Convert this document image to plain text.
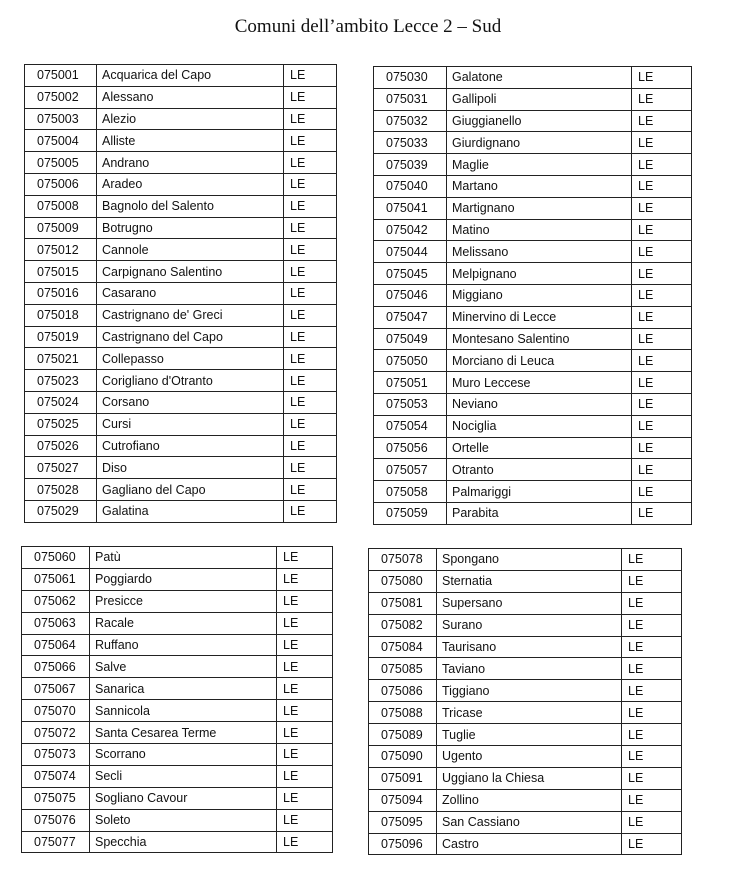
Comuni dell’ambito Lecce 2 – Sud
075001	Acquarica del Capo	LE
075002	Alessano	LE
075003	Alezio	LE
075004	Alliste	LE
075005	Andrano	LE
075006	Aradeo	LE
075008	Bagnolo del Salento	LE
075009	Botrugno	LE
075012	Cannole	LE
075015	Carpignano Salentino	LE
075016	Casarano	LE
075018	Castrignano de' Greci	LE
075019	Castrignano del Capo	LE
075021	Collepasso	LE
075023	Corigliano d'Otranto	LE
075024	Corsano	LE
075025	Cursi	LE
075026	Cutrofiano	LE
075027	Diso	LE
075028	Gagliano del Capo	LE
075029	Galatina	LE
075030	Galatone	LE
075031	Gallipoli	LE
075032	Giuggianello	LE
075033	Giurdignano	LE
075039	Maglie	LE
075040	Martano	LE
075041	Martignano	LE
075042	Matino	LE
075044	Melissano	LE
075045	Melpignano	LE
075046	Miggiano	LE
075047	Minervino di Lecce	LE
075049	Montesano Salentino	LE
075050	Morciano di Leuca	LE
075051	Muro Leccese	LE
075053	Neviano	LE
075054	Nociglia	LE
075056	Ortelle	LE
075057	Otranto	LE
075058	Palmariggi	LE
075059	Parabita	LE
075060	Patù	LE
075061	Poggiardo	LE
075062	Presicce	LE
075063	Racale	LE
075064	Ruffano	LE
075066	Salve	LE
075067	Sanarica	LE
075070	Sannicola	LE
075072	Santa Cesarea Terme	LE
075073	Scorrano	LE
075074	Secli	LE
075075	Sogliano Cavour	LE
075076	Soleto	LE
075077	Specchia	LE
075078	Spongano	LE
075080	Sternatia	LE
075081	Supersano	LE
075082	Surano	LE
075084	Taurisano	LE
075085	Taviano	LE
075086	Tiggiano	LE
075088	Tricase	LE
075089	Tuglie	LE
075090	Ugento	LE
075091	Uggiano la Chiesa	LE
075094	Zollino	LE
075095	San Cassiano	LE
075096	Castro	LE
